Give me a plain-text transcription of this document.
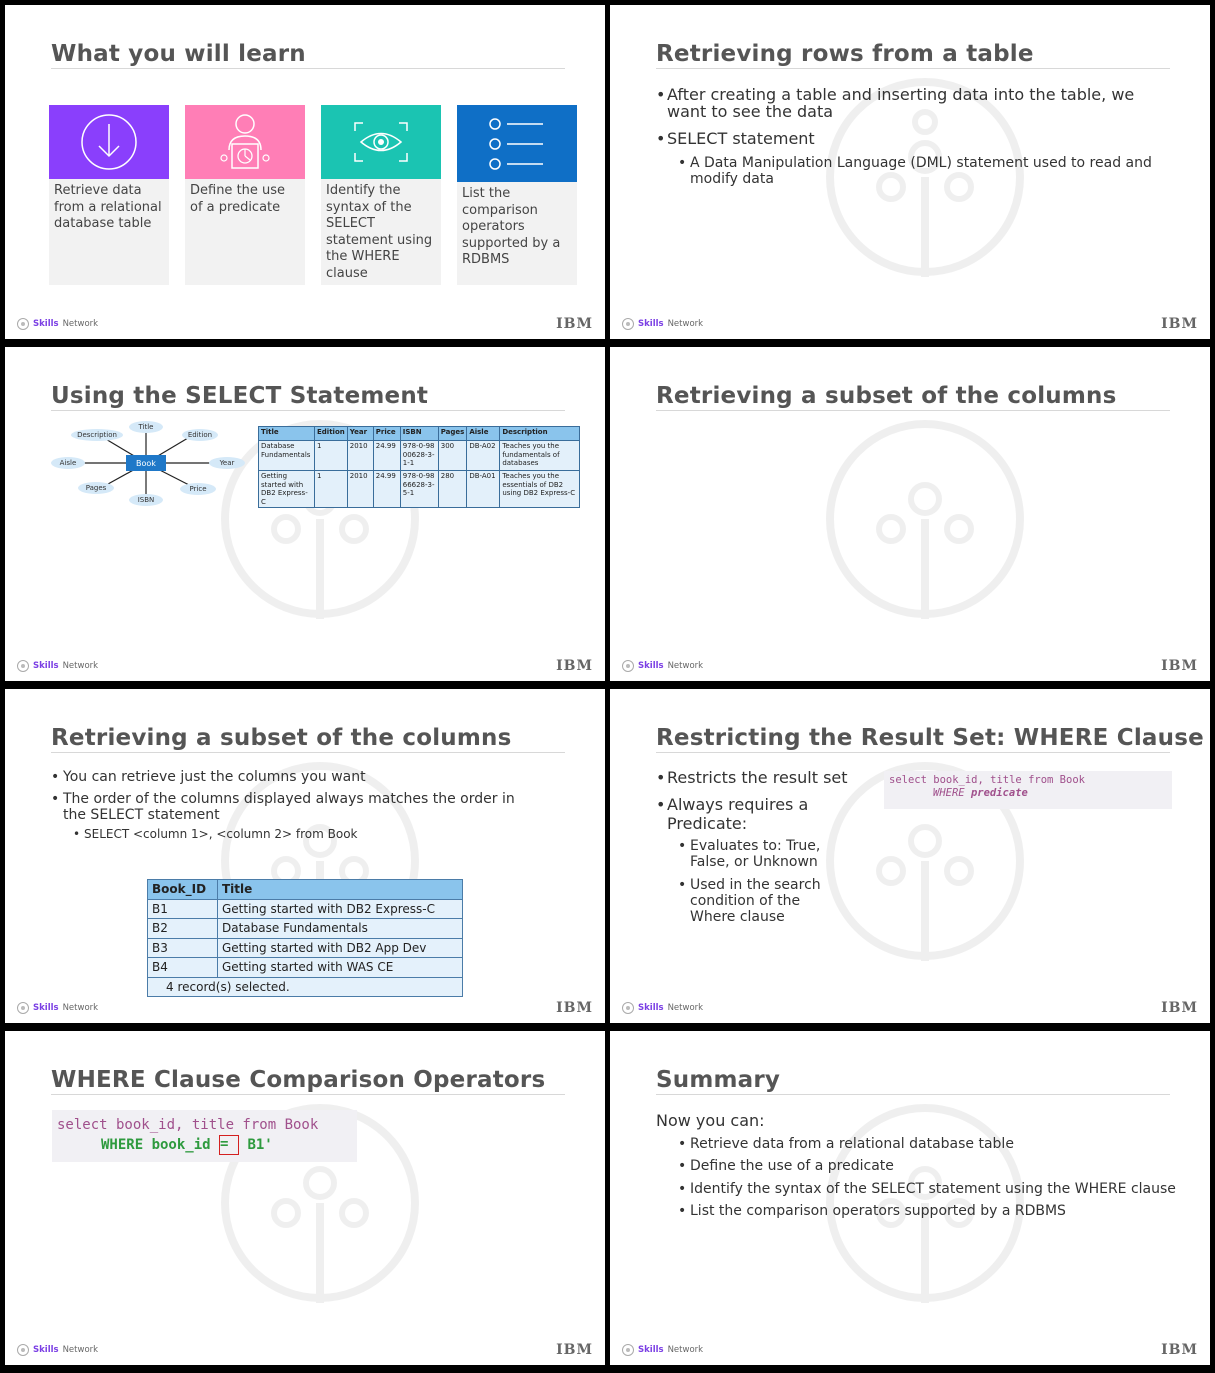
What you will learn
Retrieve data from a relational database table
Define the use of a predicate
Identify the syntax of the SELECT statement using the WHERE clause
List the comparison operators supported by a RDBMS
Skills Network	IBM
Retrieving rows from a table
• After creating a table and inserting data into the table, we want to see the data
• SELECT statement
• A Data Manipulation Language (DML) statement used to read and modify data
Skills Network	IBM
Using the SELECT Statement
Book
Title
Edition
Year
Price
ISBN
Pages
Aisle
Description	Title	Edition	Year	Price	ISBN	Pages	Aisle	Description
Database Fundamentals	1	2010	24.99	978-0-9800628-3-1-1	300	DB-A02	Teaches you the fundamentals of databases
Getting started with DB2 Express-C	1	2010	24.99	978-0-9866628-3-5-1	280	DB-A01	Teaches you the essentials of DB2 using DB2 Express-C
Skills Network	IBM
Retrieving a subset of the columns
Skills Network	IBM
Retrieving a subset of the columns
• You can retrieve just the columns you want
• The order of the columns displayed always matches the order in the SELECT statement
• SELECT <column 1>, <column 2> from Book
Book_ID	Title
B1	Getting started with DB2 Express-C
B2	Database Fundamentals
B3	Getting started with DB2 App Dev
B4	Getting started with WAS CE
4 record(s) selected.	
Skills Network	IBM
Restricting the Result Set: WHERE Clause
• Restricts the result set
• Always requires a Predicate:
• Evaluates to: True, False, or Unknown
• Used in the search condition of the Where clause
select book_id, title from Book
WHERE predicate
Skills Network	IBM
WHERE Clause Comparison Operators
select book_id, title from Book
WHERE book_id = B1'
Skills Network	IBM
Summary
Now you can:
• Retrieve data from a relational database table
• Define the use of a predicate
• Identify the syntax of the SELECT statement using the WHERE clause
• List the comparison operators supported by a RDBMS
Skills Network	IBM
